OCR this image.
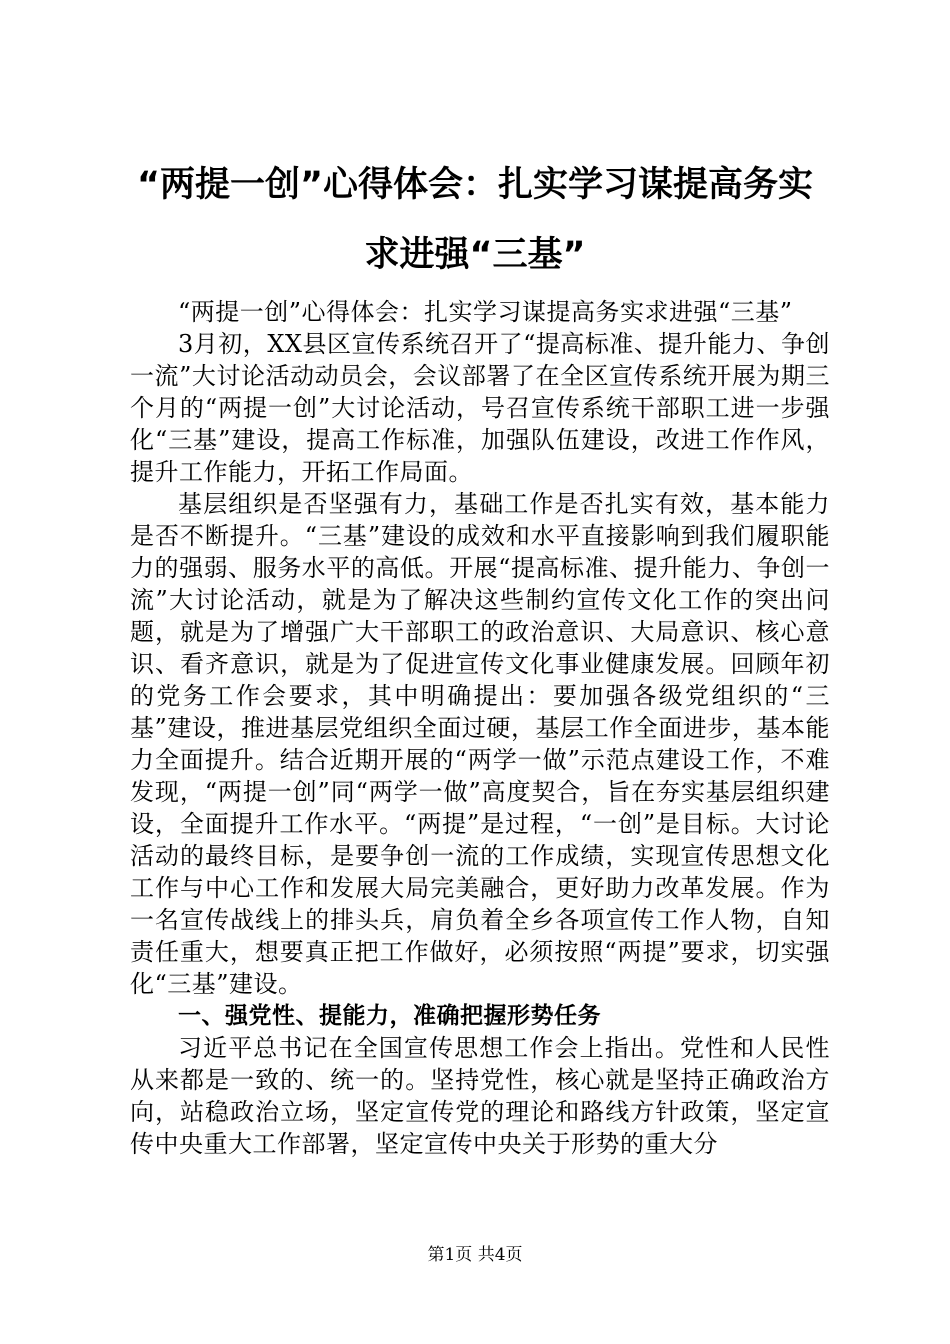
“两提一创”心得体会：扎实学习谋提高务实
求进强“三基”

“两提一创”心得体会：扎实学习谋提高务实求进强“三基”

3月初，XX县区宣传系统召开了“提高标准、提升能力、争创一流”大讨论活动动员会，会议部署了在全区宣传系统开展为期三个月的“两提一创”大讨论活动，号召宣传系统干部职工进一步强化“三基”建设，提高工作标准，加强队伍建设，改进工作作风，提升工作能力，开拓工作局面。

基层组织是否坚强有力，基础工作是否扎实有效，基本能力是否不断提升。“三基”建设的成效和水平直接影响到我们履职能力的强弱、服务水平的高低。开展“提高标准、提升能力、争创一流”大讨论活动，就是为了解决这些制约宣传文化工作的突出问题，就是为了增强广大干部职工的政治意识、大局意识、核心意识、看齐意识，就是为了促进宣传文化事业健康发展。回顾年初的党务工作会要求，其中明确提出：要加强各级党组织的“三基”建设，推进基层党组织全面过硬，基层工作全面进步，基本能力全面提升。结合近期开展的“两学一做”示范点建设工作，不难发现，“两提一创”同“两学一做”高度契合，旨在夯实基层组织建设，全面提升工作水平。“两提”是过程，“一创”是目标。大讨论活动的最终目标，是要争创一流的工作成绩，实现宣传思想文化工作与中心工作和发展大局完美融合，更好助力改革发展。作为一名宣传战线上的排头兵，肩负着全乡各项宣传工作人物，自知责任重大，想要真正把工作做好，必须按照“两提”要求，切实强化“三基”建设。

一、强党性、提能力，准确把握形势任务

习近平总书记在全国宣传思想工作会上指出。党性和人民性从来都是一致的、统一的。坚持党性，核心就是坚持正确政治方向，站稳政治立场，坚定宣传党的理论和路线方针政策，坚定宣传中央重大工作部署，坚定宣传中央关于形势的重大分

第1页 共4页
